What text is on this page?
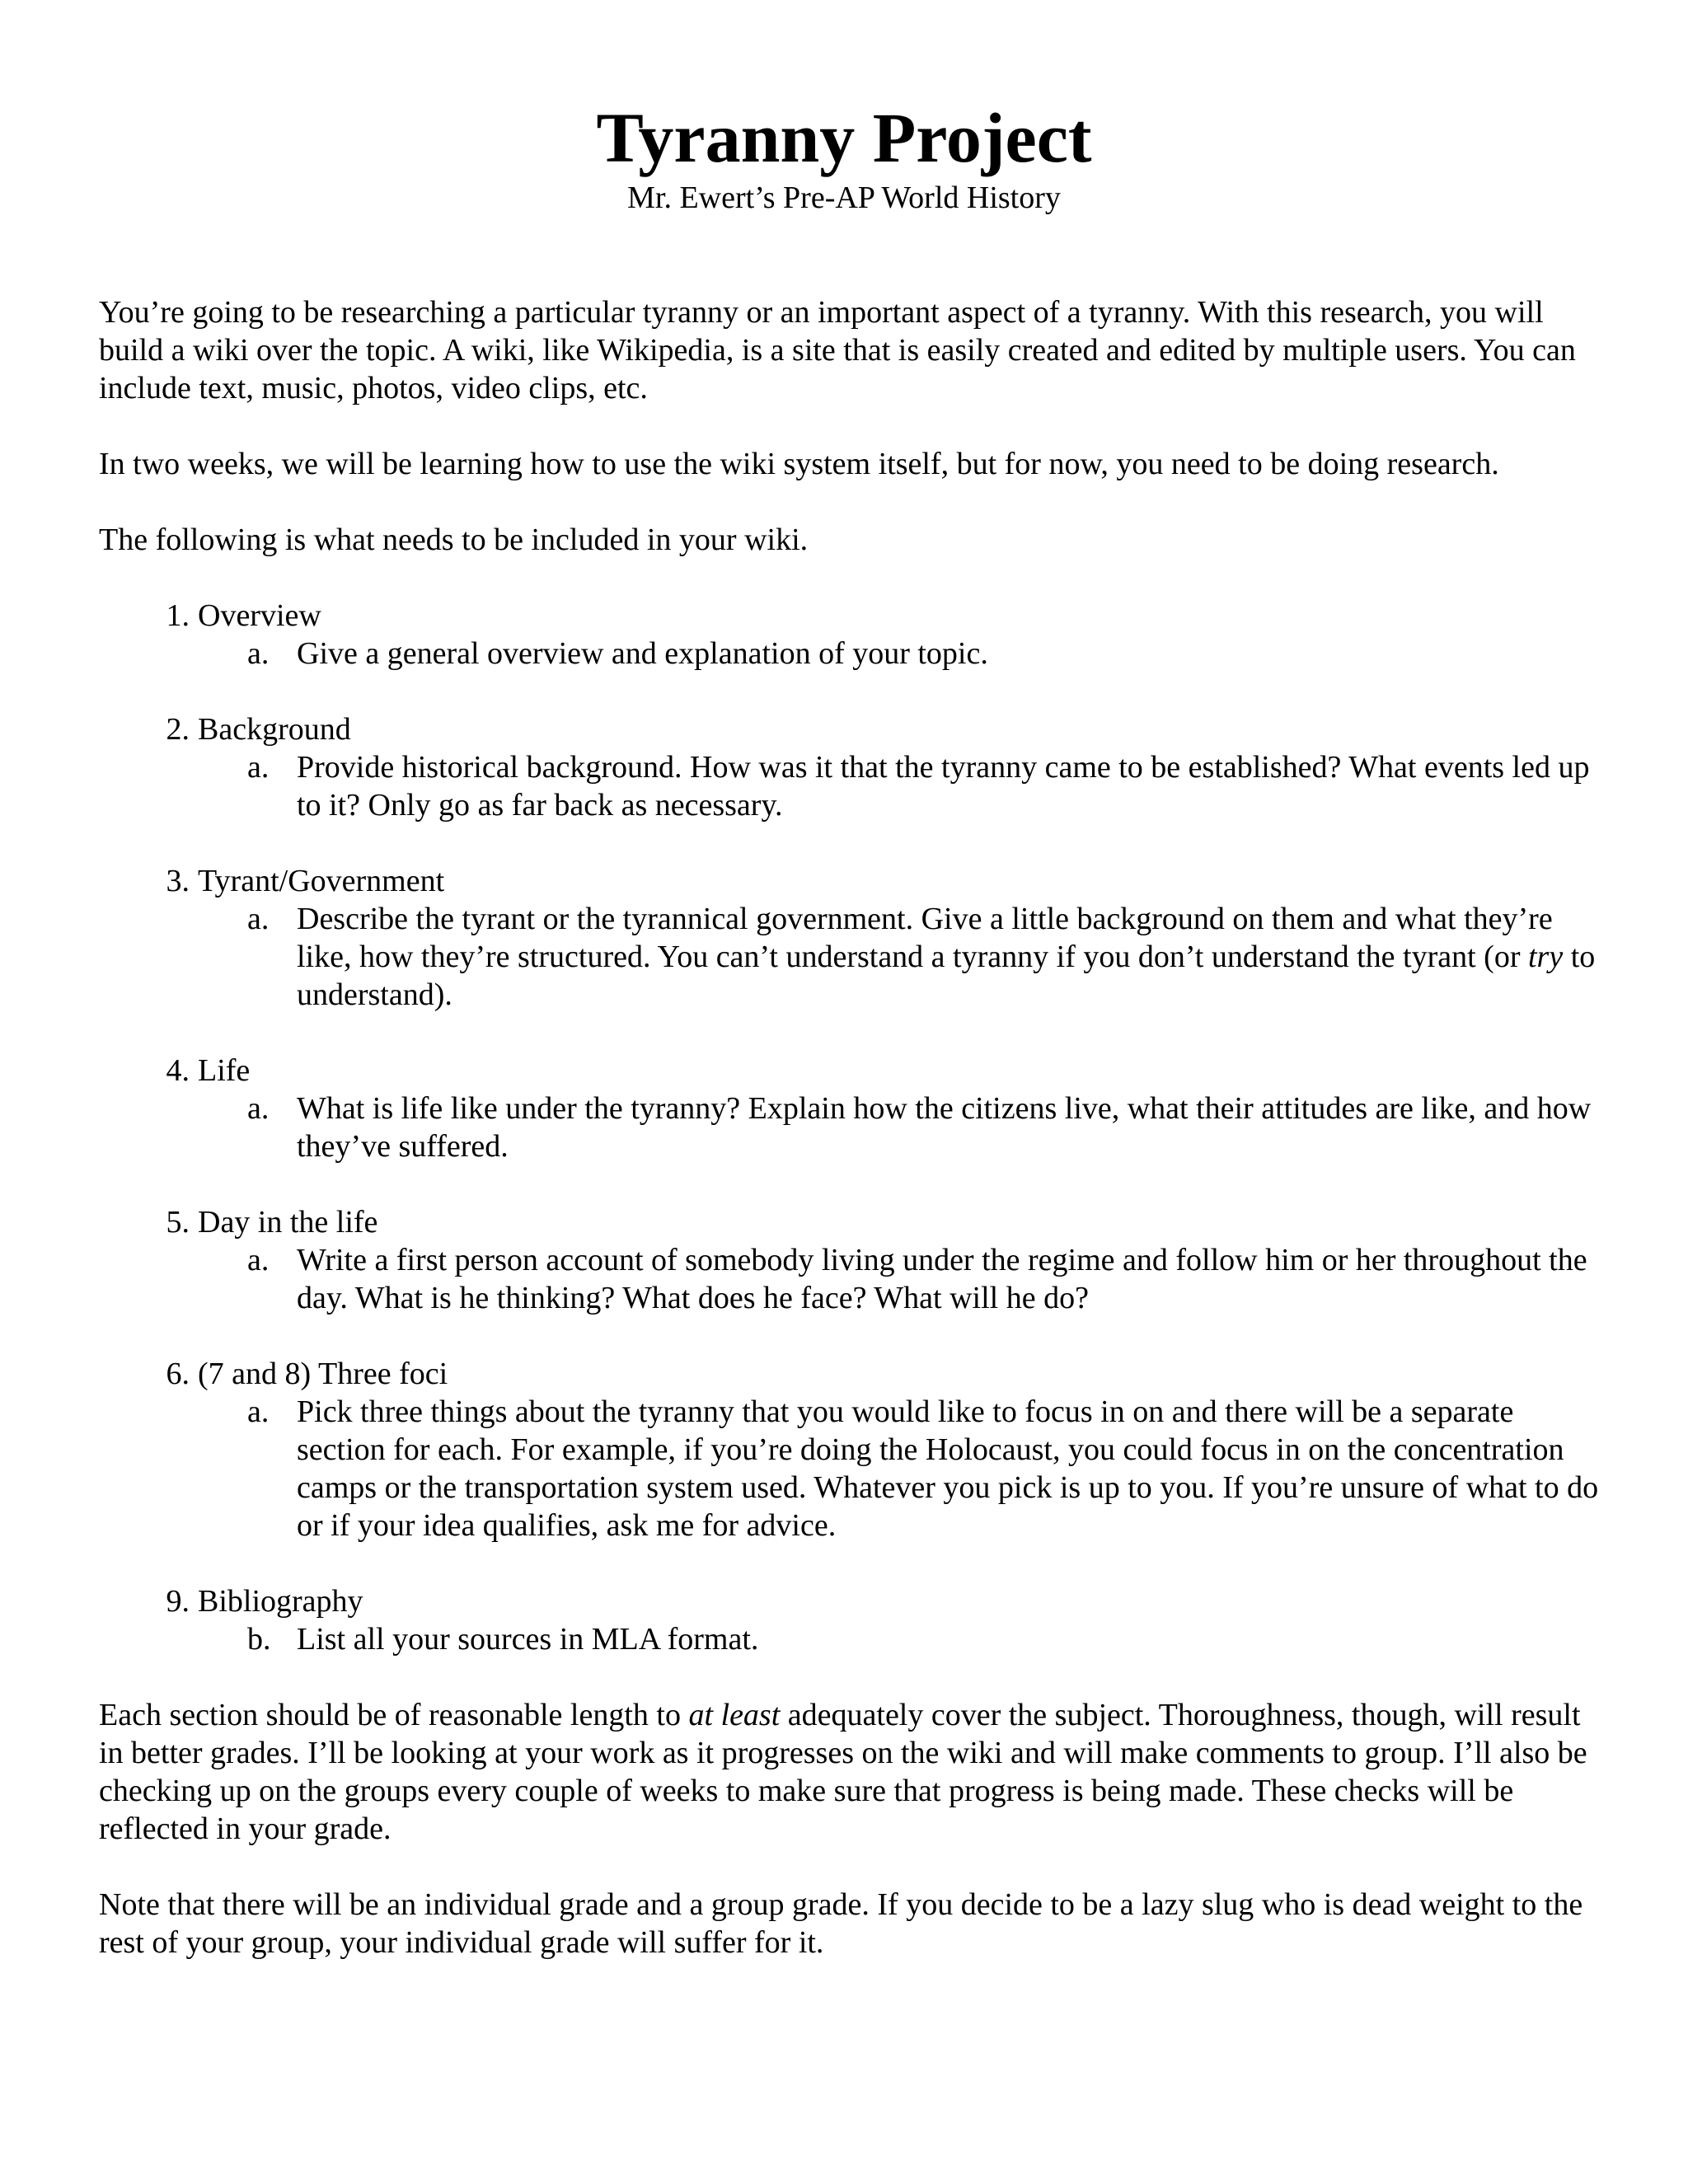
Tyranny Project
Mr. Ewert’s Pre-AP World History

You’re going to be researching a particular tyranny or an important aspect of a tyranny. With this research, you will build a wiki over the topic. A wiki, like Wikipedia, is a site that is easily created and edited by multiple users. You can include text, music, photos, video clips, etc.

In two weeks, we will be learning how to use the wiki system itself, but for now, you need to be doing research.

The following is what needs to be included in your wiki.

1. Overview
a. Give a general overview and explanation of your topic.
2. Background
a. Provide historical background. How was it that the tyranny came to be established? What events led up to it? Only go as far back as necessary.
3. Tyrant/Government
a. Describe the tyrant or the tyrannical government. Give a little background on them and what they’re like, how they’re structured. You can’t understand a tyranny if you don’t understand the tyrant (or try to understand).
4. Life
a. What is life like under the tyranny? Explain how the citizens live, what their attitudes are like, and how they’ve suffered.
5. Day in the life
a. Write a first person account of somebody living under the regime and follow him or her throughout the day. What is he thinking? What does he face? What will he do?
6. (7 and 8) Three foci
a. Pick three things about the tyranny that you would like to focus in on and there will be a separate section for each. For example, if you’re doing the Holocaust, you could focus in on the concentration camps or the transportation system used. Whatever you pick is up to you. If you’re unsure of what to do or if your idea qualifies, ask me for advice.
9. Bibliography
b. List all your sources in MLA format.

Each section should be of reasonable length to at least adequately cover the subject. Thoroughness, though, will result in better grades. I’ll be looking at your work as it progresses on the wiki and will make comments to group. I’ll also be checking up on the groups every couple of weeks to make sure that progress is being made. These checks will be reflected in your grade.

Note that there will be an individual grade and a group grade. If you decide to be a lazy slug who is dead weight to the rest of your group, your individual grade will suffer for it.
